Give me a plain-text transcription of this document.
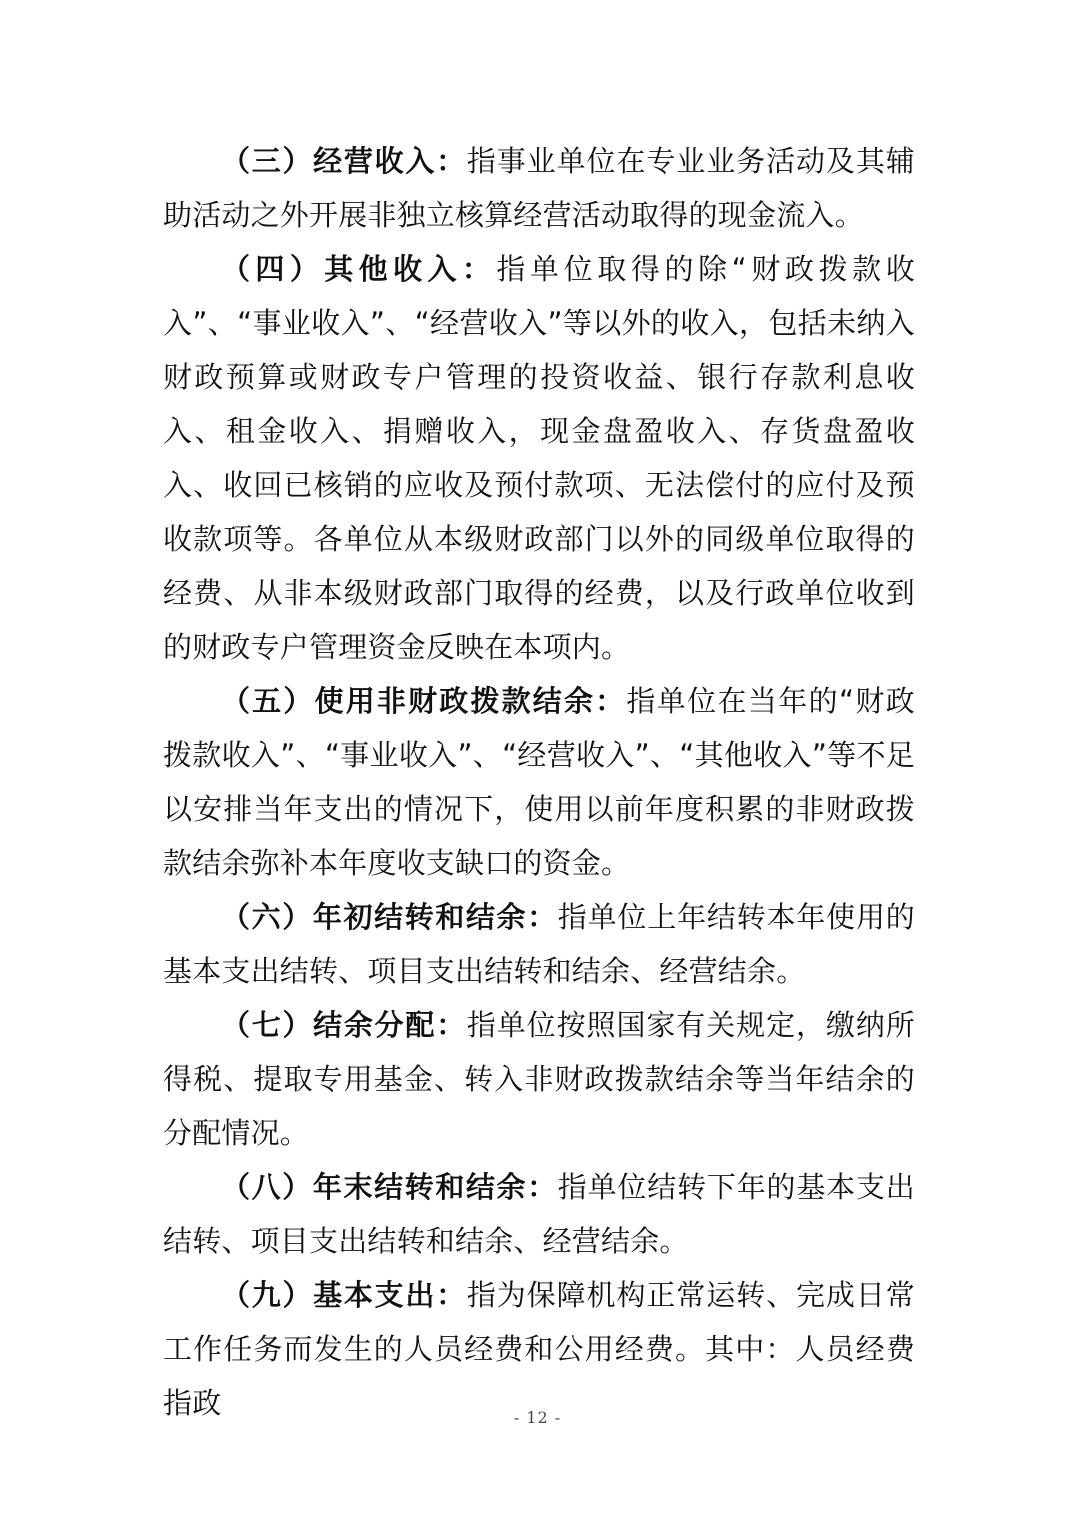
（三）经营收入：指事业单位在专业业务活动及其辅助活动之外开展非独立核算经营活动取得的现金流入。

（四）其他收入：指单位取得的除“财政拨款收入”、“事业收入”、“经营收入”等以外的收入，包括未纳入财政预算或财政专户管理的投资收益、银行存款利息收入、租金收入、捐赠收入，现金盘盈收入、存货盘盈收入、收回已核销的应收及预付款项、无法偿付的应付及预收款项等。各单位从本级财政部门以外的同级单位取得的经费、从非本级财政部门取得的经费，以及行政单位收到的财政专户管理资金反映在本项内。

（五）使用非财政拨款结余：指单位在当年的“财政拨款收入”、“事业收入”、“经营收入”、“其他收入”等不足以安排当年支出的情况下，使用以前年度积累的非财政拨款结余弥补本年度收支缺口的资金。

（六）年初结转和结余：指单位上年结转本年使用的基本支出结转、项目支出结转和结余、经营结余。

（七）结余分配：指单位按照国家有关规定，缴纳所得税、提取专用基金、转入非财政拨款结余等当年结余的分配情况。

（八）年末结转和结余：指单位结转下年的基本支出结转、项目支出结转和结余、经营结余。

（九）基本支出：指为保障机构正常运转、完成日常工作任务而发生的人员经费和公用经费。其中：人员经费指政	- 12 -
